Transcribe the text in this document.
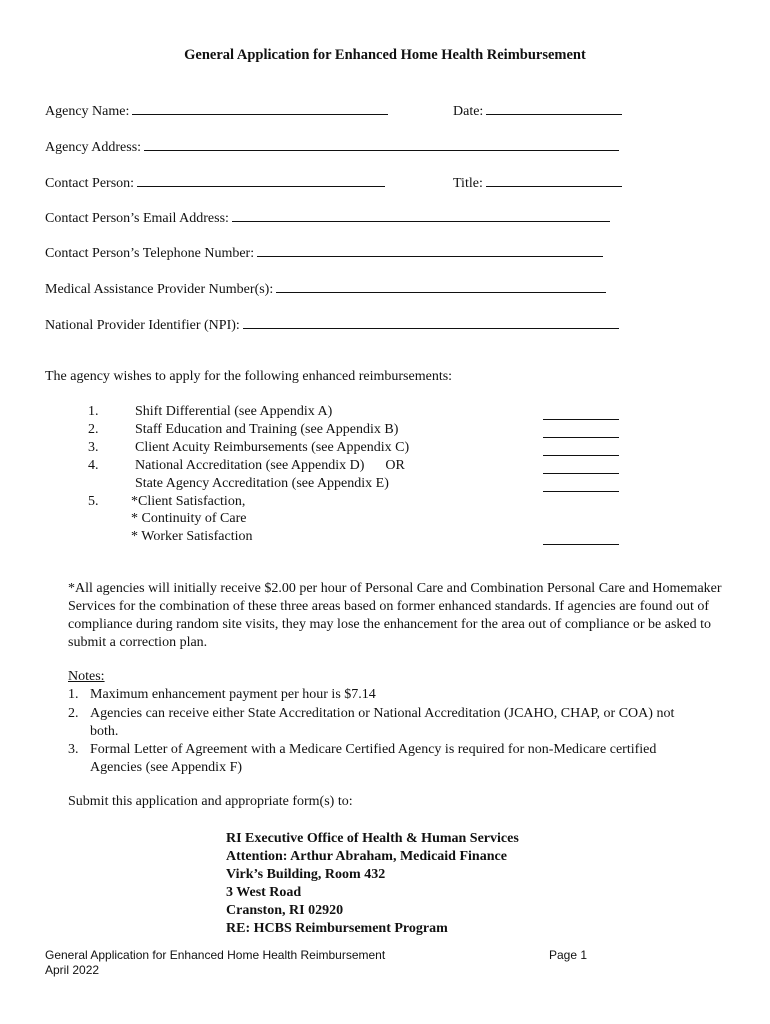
General Application for Enhanced Home Health Reimbursement
Agency Name:	Date:
Agency Address:
Contact Person:	Title:
Contact Person’s Email Address:
Contact Person’s Telephone Number:
Medical Assistance Provider Number(s):
National Provider Identifier (NPI):
The agency wishes to apply for the following enhanced reimbursements:
1.	Shift Differential (see Appendix A)
2.	Staff Education and Training (see Appendix B)
3.	Client Acuity Reimbursements (see Appendix C)
4.	National Accreditation (see Appendix D) OR
State Agency Accreditation (see Appendix E)
5. *Client Satisfaction,
* Continuity of Care
* Worker Satisfaction
*All agencies will initially receive $2.00 per hour of Personal Care and Combination Personal Care and Homemaker Services for the combination of these three areas based on former enhanced standards. If agencies are found out of compliance during random site visits, they may lose the enhancement for the area out of compliance or be asked to submit a correction plan.
Notes:
1. Maximum enhancement payment per hour is $7.14
2. Agencies can receive either State Accreditation or National Accreditation (JCAHO, CHAP, or COA) not
both.
3. Formal Letter of Agreement with a Medicare Certified Agency is required for non-Medicare certified
Agencies (see Appendix F)
Submit this application and appropriate form(s) to:
RI Executive Office of Health & Human Services
Attention: Arthur Abraham, Medicaid Finance
Virk’s Building, Room 432
3 West Road
Cranston, RI 02920
RE: HCBS Reimbursement Program
General Application for Enhanced Home Health Reimbursement
April 2022
Page 1
